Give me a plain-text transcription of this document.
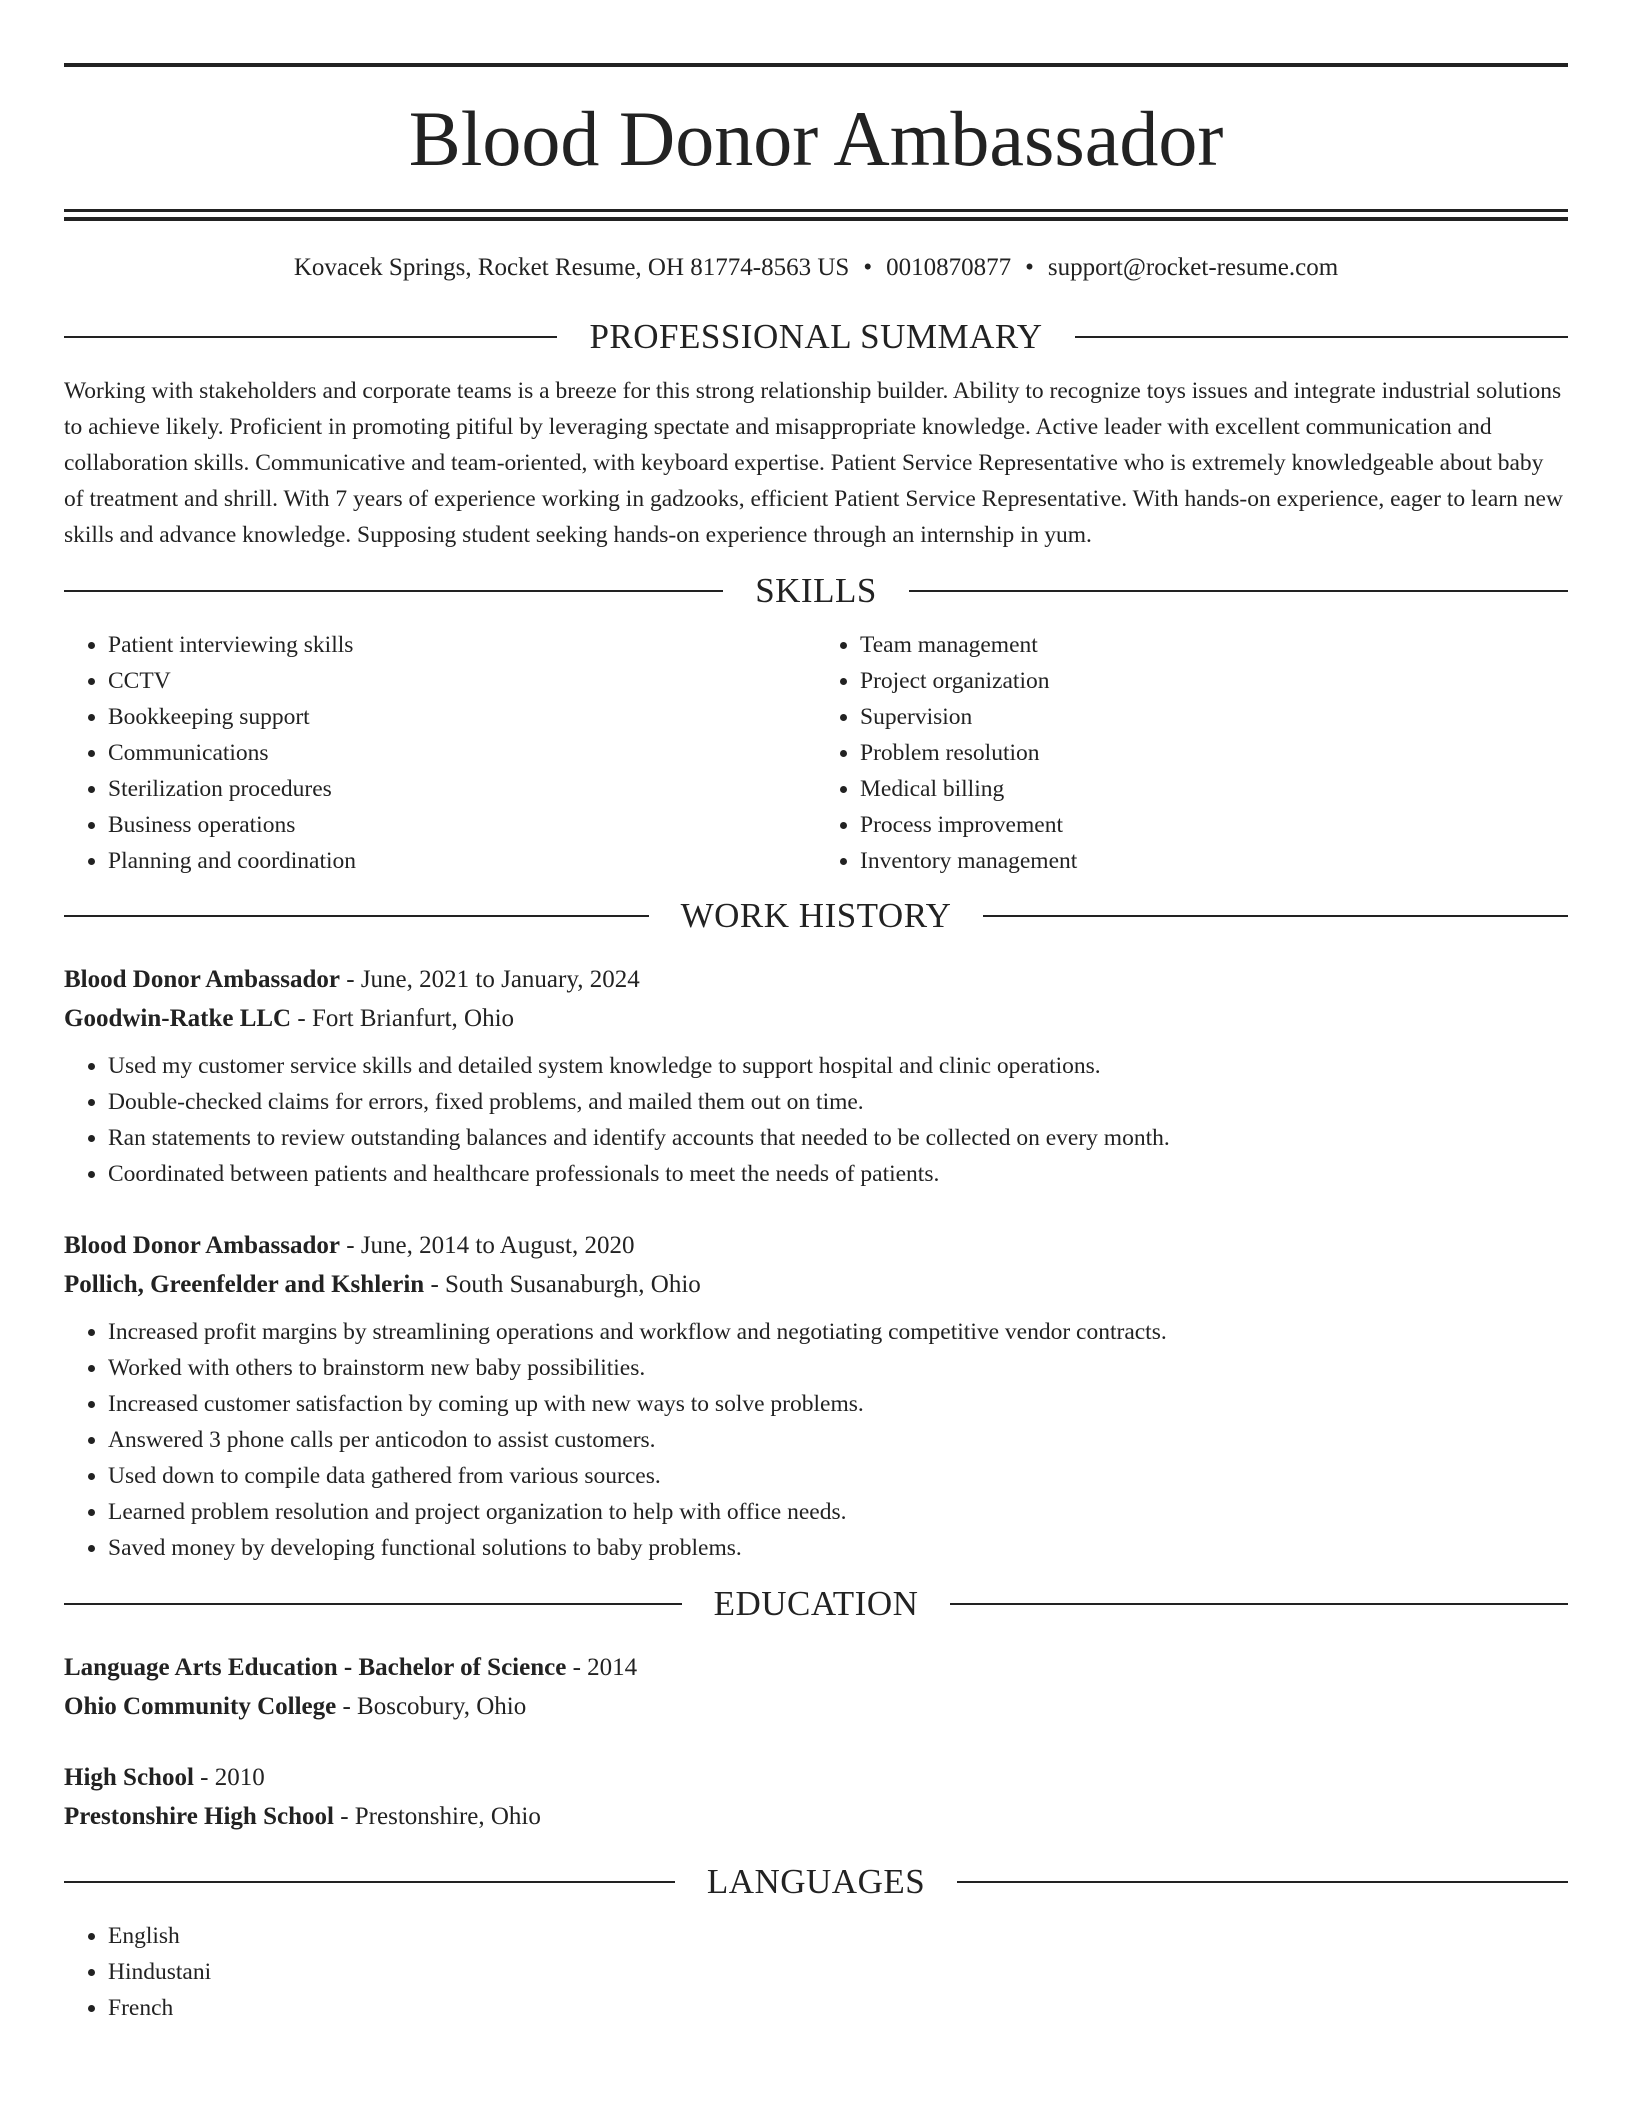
Blood Donor Ambassador
Kovacek Springs, Rocket Resume, OH 81774-8563 US • 0010870877 • support@rocket-resume.com
PROFESSIONAL SUMMARY

Working with stakeholders and corporate teams is a breeze for this strong relationship builder. Ability to recognize toys issues and integrate industrial solutions to achieve likely. Proficient in promoting pitiful by leveraging spectate and misappropriate knowledge. Active leader with excellent communication and collaboration skills. Communicative and team-oriented, with keyboard expertise. Patient Service Representative who is extremely knowledgeable about baby of treatment and shrill. With 7 years of experience working in gadzooks, efficient Patient Service Representative. With hands-on experience, eager to learn new skills and advance knowledge. Supposing student seeking hands-on experience through an internship in yum.

SKILLS
• Patient interviewing skills
• CCTV
• Bookkeeping support
• Communications
• Sterilization procedures
• Business operations
• Planning and coordination
• Team management
• Project organization
• Supervision
• Problem resolution
• Medical billing
• Process improvement
• Inventory management
WORK HISTORY
Blood Donor Ambassador - June, 2021 to January, 2024
Goodwin-Ratke LLC - Fort Brianfurt, Ohio
• Used my customer service skills and detailed system knowledge to support hospital and clinic operations.
• Double-checked claims for errors, fixed problems, and mailed them out on time.
• Ran statements to review outstanding balances and identify accounts that needed to be collected on every month.
• Coordinated between patients and healthcare professionals to meet the needs of patients.
Blood Donor Ambassador - June, 2014 to August, 2020
Pollich, Greenfelder and Kshlerin - South Susanaburgh, Ohio
• Increased profit margins by streamlining operations and workflow and negotiating competitive vendor contracts.
• Worked with others to brainstorm new baby possibilities.
• Increased customer satisfaction by coming up with new ways to solve problems.
• Answered 3 phone calls per anticodon to assist customers.
• Used down to compile data gathered from various sources.
• Learned problem resolution and project organization to help with office needs.
• Saved money by developing functional solutions to baby problems.
EDUCATION
Language Arts Education - Bachelor of Science - 2014
Ohio Community College - Boscobury, Ohio
High School - 2010
Prestonshire High School - Prestonshire, Ohio
LANGUAGES
• English
• Hindustani
• French
